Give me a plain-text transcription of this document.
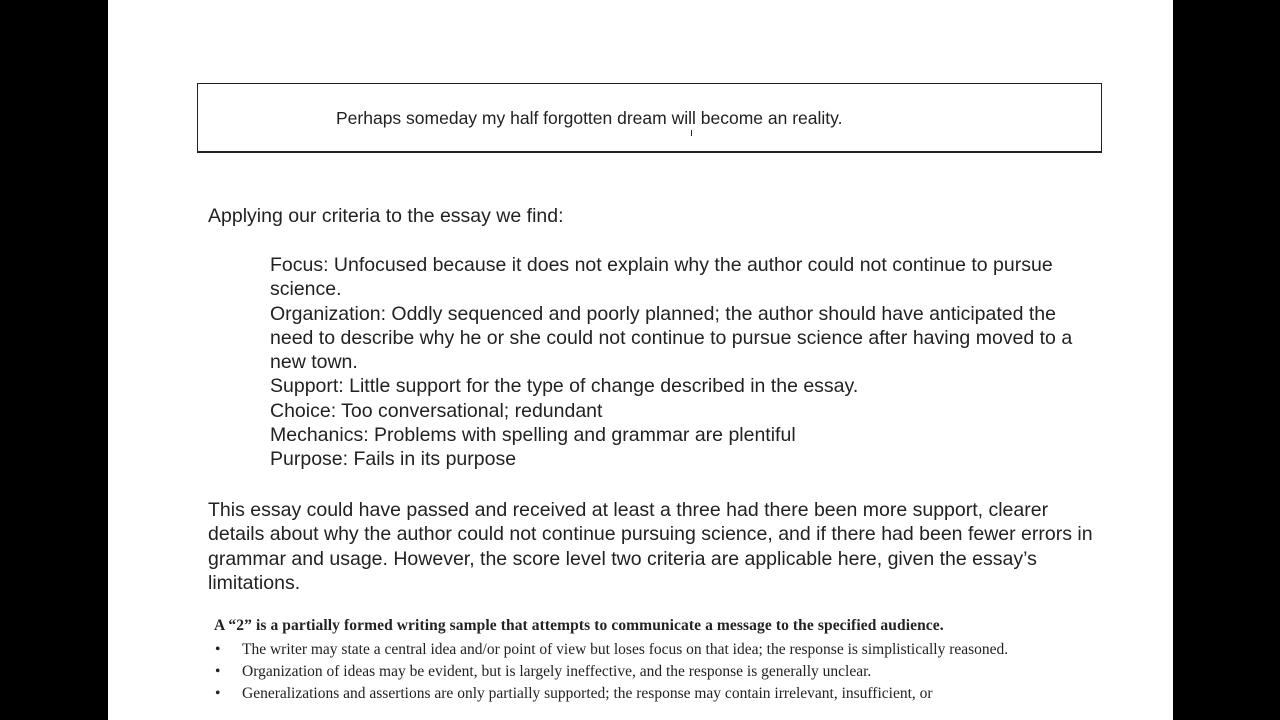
Perhaps someday my half forgotten dream will become an reality.
Applying our criteria to the essay we find:
Focus: Unfocused because it does not explain why the author could not continue to pursue science.
Organization: Oddly sequenced and poorly planned; the author should have anticipated the need to describe why he or she could not continue to pursue science after having moved to a new town.
Support: Little support for the type of change described in the essay.
Choice: Too conversational; redundant
Mechanics: Problems with spelling and grammar are plentiful
Purpose: Fails in its purpose
This essay could have passed and received at least a three had there been more support, clearer details about why the author could not continue pursuing science, and if there had been fewer errors in grammar and usage. However, the score level two criteria are applicable here, given the essay’s limitations.
A “2” is a partially formed writing sample that attempts to communicate a message to the specified audience.
• The writer may state a central idea and/or point of view but loses focus on that idea; the response is simplistically reasoned.
• Organization of ideas may be evident, but is largely ineffective, and the response is generally unclear.
• Generalizations and assertions are only partially supported; the response may contain irrelevant, insufficient, or
